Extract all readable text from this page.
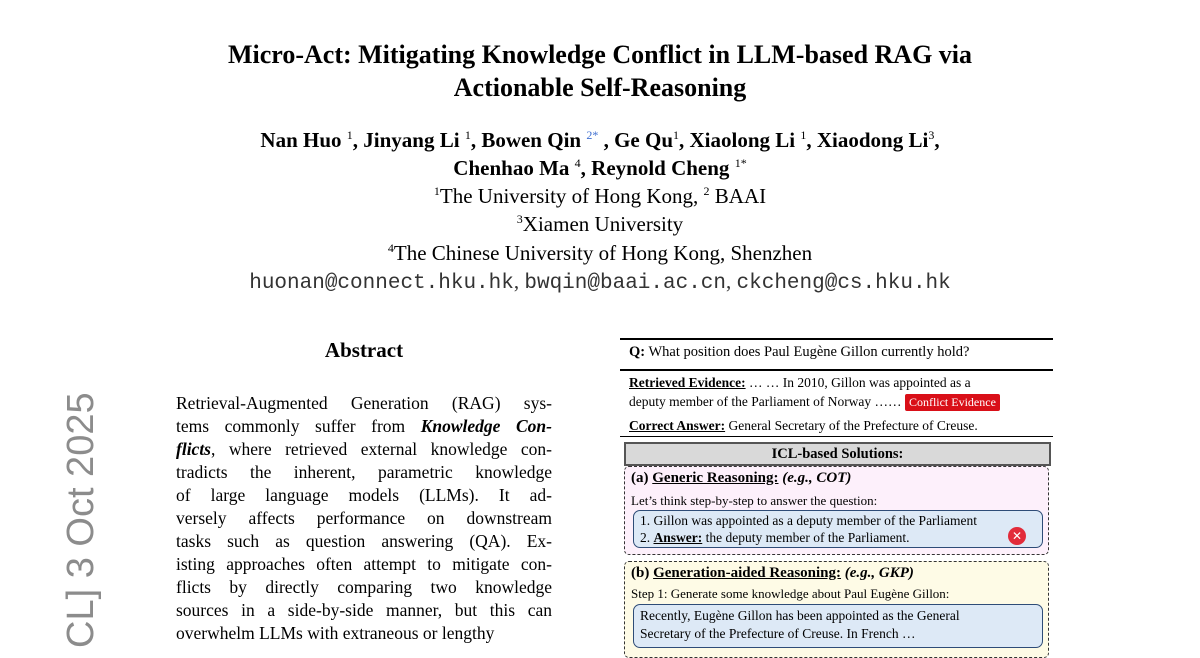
Micro-Act: Mitigating Knowledge Conflict in LLM-based RAG via
Actionable Self-Reasoning
Nan Huo $^1$, Jinyang Li $^1$, Bowen Qin $^{2*}$ , Ge Qu$^1$, Xiaolong Li $^1$, Xiaodong Li$^3$,
Chenhao Ma $^4$, Reynold Cheng $^{1*}$
$^1$The University of Hong Kong, $^2$ BAAI
$^3$Xiamen University
$^4$The Chinese University of Hong Kong, Shenzhen
huonan@connect.hku.hk, bwqin@baai.ac.cn, ckcheng@cs.hku.hk
CL] 3 Oct 2025
Abstract
Retrieval-Augmented Generation (RAG) sys-
tems commonly suffer from Knowledge Con-
flicts, where retrieved external knowledge con-
tradicts the inherent, parametric knowledge
of large language models (LLMs). It ad-
versely affects performance on downstream
tasks such as question answering (QA). Ex-
isting approaches often attempt to mitigate con-
flicts by directly comparing two knowledge
sources in a side-by-side manner, but this can
overwhelm LLMs with extraneous or lengthy
Q: What position does Paul Eugène Gillon currently hold?
Retrieved Evidence: … … In 2010, Gillon was appointed as a
deputy member of the Parliament of Norway …… Conflict Evidence
Correct Answer: General Secretary of the Prefecture of Creuse.
ICL-based Solutions:
(a) Generic Reasoning: (e.g., COT)
Let’s think step-by-step to answer the question:
1. Gillon was appointed as a deputy member of the Parliament
2. Answer: the deputy member of the Parliament.	✕
(b) Generation-aided Reasoning: (e.g., GKP)
Step 1: Generate some knowledge about Paul Eugène Gillon:
Recently, Eugène Gillon has been appointed as the General
Secretary of the Prefecture of Creuse. In French …
